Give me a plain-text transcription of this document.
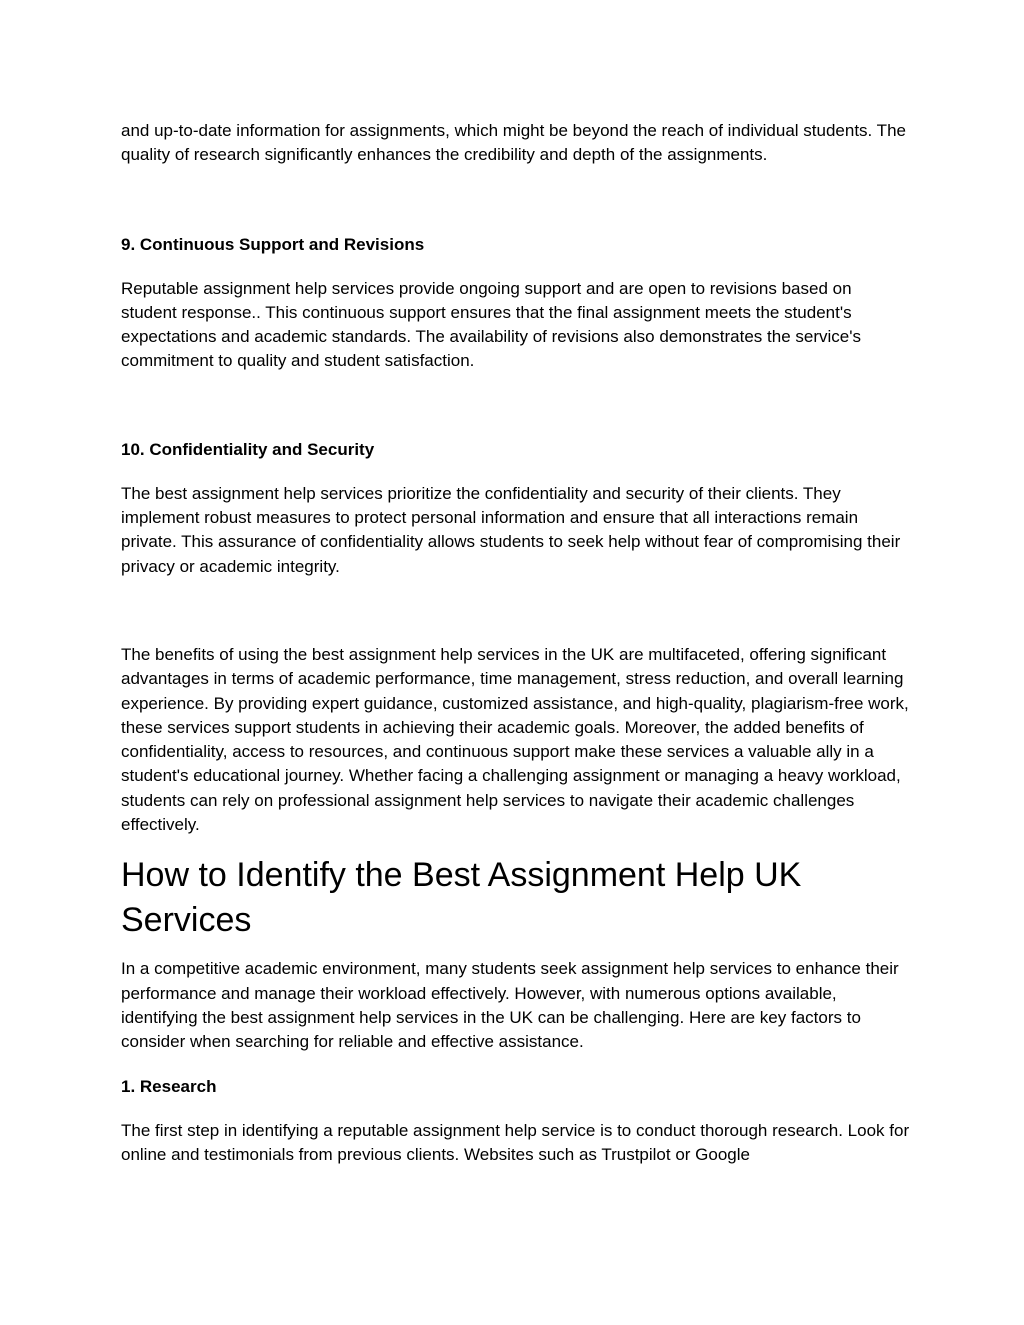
and up-to-date information for assignments, which might be beyond the reach of individual students. The quality of research significantly enhances the credibility and depth of the assignments.

9. Continuous Support and Revisions

Reputable assignment help services provide ongoing support and are open to revisions based on student response.. This continuous support ensures that the final assignment meets the student's expectations and academic standards. The availability of revisions also demonstrates the service's commitment to quality and student satisfaction.

10. Confidentiality and Security

The best assignment help services prioritize the confidentiality and security of their clients. They implement robust measures to protect personal information and ensure that all interactions remain private. This assurance of confidentiality allows students to seek help without fear of compromising their privacy or academic integrity.

The benefits of using the best assignment help services in the UK are multifaceted, offering significant advantages in terms of academic performance, time management, stress reduction, and overall learning experience. By providing expert guidance, customized assistance, and high-quality, plagiarism-free work, these services support students in achieving their academic goals. Moreover, the added benefits of confidentiality, access to resources, and continuous support make these services a valuable ally in a student's educational journey. Whether facing a challenging assignment or managing a heavy workload, students can rely on professional assignment help services to navigate their academic challenges effectively.

How to Identify the Best Assignment Help UK Services

In a competitive academic environment, many students seek assignment help services to enhance their performance and manage their workload effectively. However, with numerous options available, identifying the best assignment help services in the UK can be challenging. Here are key factors to consider when searching for reliable and effective assistance.

1. Research

The first step in identifying a reputable assignment help service is to conduct thorough research. Look for online and testimonials from previous clients. Websites such as Trustpilot or Google
